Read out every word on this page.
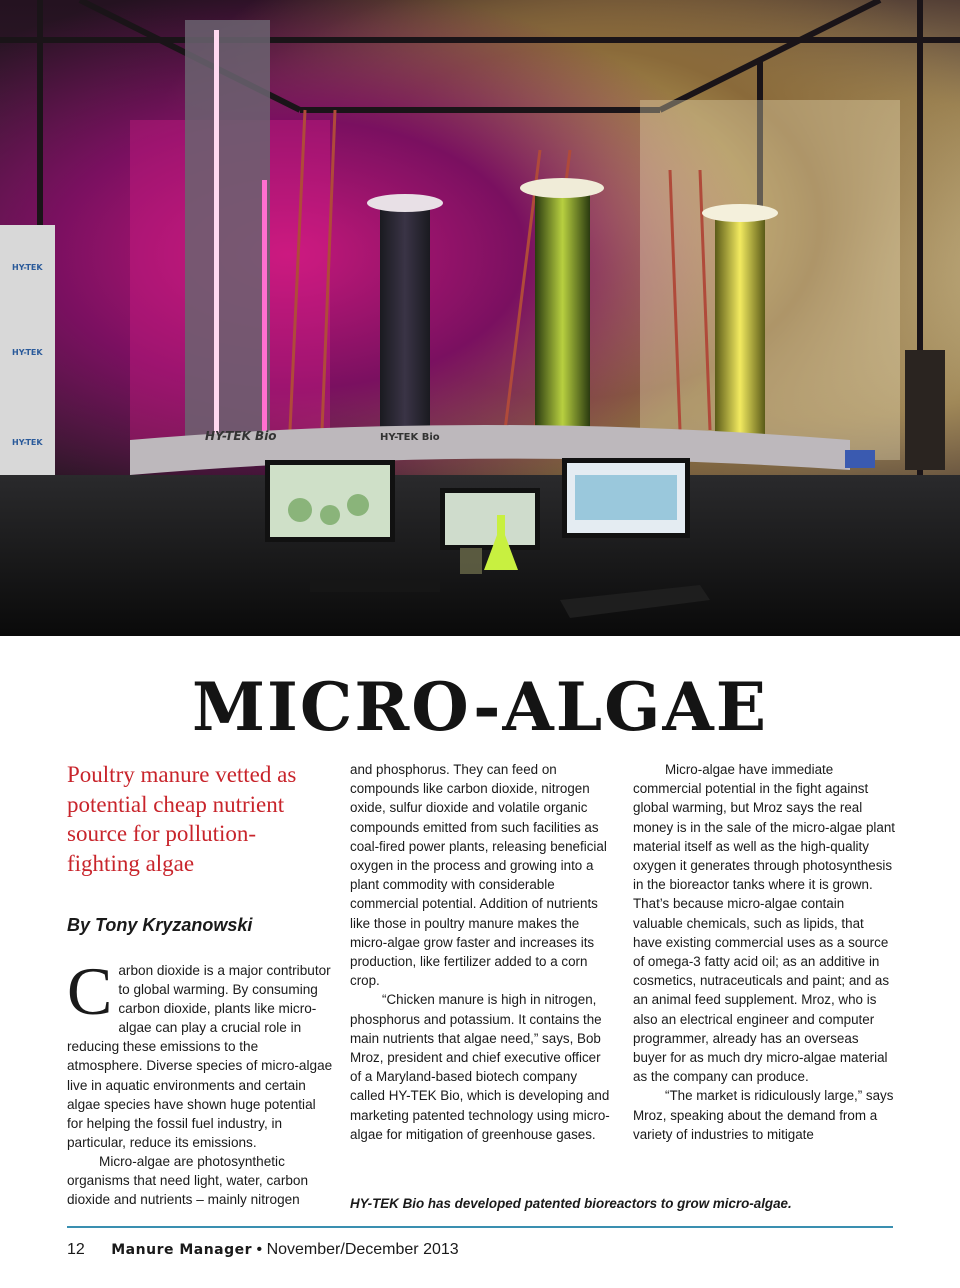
HY-TEK
HY-TEK
HY-TEK	HY-TEK Bio	HY-TEK Bio
MICRO-ALGAE
Poultry manure vetted as potential cheap nutrient source for pollution-fighting algae
By Tony Kryzanowski

Carbon dioxide is a major contributor to global warming. By consuming carbon dioxide, plants like micro-algae can play a crucial role in reducing these emissions to the atmosphere. Diverse species of micro-algae live in aquatic environments and certain algae species have shown huge potential for helping the fossil fuel industry, in particular, reduce its emissions.

Micro-algae are photosynthetic organisms that need light, water, carbon dioxide and nutrients – mainly nitrogen

and phosphorus. They can feed on compounds like carbon dioxide, nitrogen oxide, sulfur dioxide and volatile organic compounds emitted from such facilities as coal-fired power plants, releasing beneficial oxygen in the process and growing into a plant commodity with considerable commercial potential. Addition of nutrients like those in poultry manure makes the micro-algae grow faster and increases its production, like fertilizer added to a corn crop.

“Chicken manure is high in nitrogen, phosphorus and potassium. It contains the main nutrients that algae need,” says, Bob Mroz, president and chief executive officer of a Maryland-based biotech company called HY-TEK Bio, which is developing and marketing patented technology using micro-algae for mitigation of greenhouse gases.

Micro-algae have immediate commercial potential in the fight against global warming, but Mroz says the real money is in the sale of the micro-algae plant material itself as well as the high-quality oxygen it generates through photosynthesis in the bioreactor tanks where it is grown. That’s because micro-algae contain valuable chemicals, such as lipids, that have existing commercial uses as a source of omega-3 fatty acid oil; as an additive in cosmetics, nutraceuticals and paint; and as an animal feed supplement. Mroz, who is also an electrical engineer and computer programmer, already has an overseas buyer for as much dry micro-algae material as the company can produce.

“The market is ridiculously large,” says Mroz, speaking about the demand from a variety of industries to mitigate

HY-TEK Bio has developed patented bioreactors to grow micro-algae.
12 Manure Manager • November/December 2013
